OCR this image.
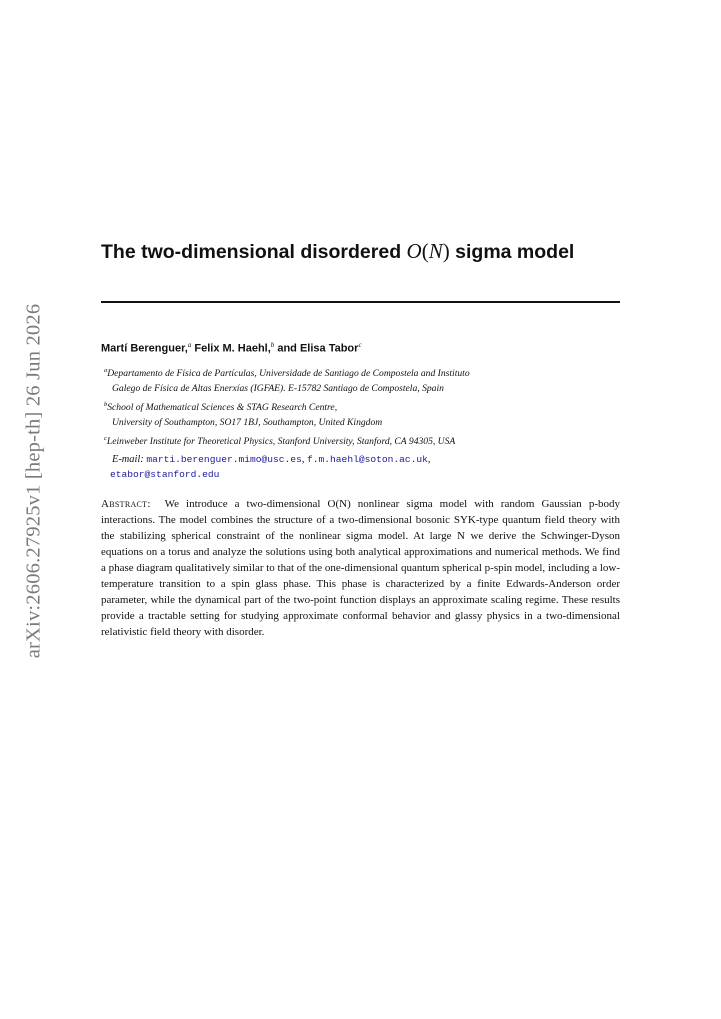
arXiv:2606.27925v1 [hep-th] 26 Jun 2026
The two-dimensional disordered O(N) sigma model
Martí Berenguer,$^a$ Felix M. Haehl,$^b$ and Elisa Tabor$^c$
$^a$Departamento de Física de Partículas, Universidade de Santiago de Compostela and Instituto
Galego de Física de Altas Enerxías (IGFAE). E-15782 Santiago de Compostela, Spain
$^b$School of Mathematical Sciences & STAG Research Centre,
University of Southampton, SO17 1BJ, Southampton, United Kingdom
$^c$Leinweber Institute for Theoretical Physics, Stanford University, Stanford, CA 94305, USA
E-mail: marti.berenguer.mimo@usc.es, f.m.haehl@soton.ac.uk,
etabor@stanford.edu
Abstract: We introduce a two-dimensional O(N) nonlinear sigma model with random Gaussian p-body interactions. The model combines the structure of a two-dimensional bosonic SYK-type quantum field theory with the stabilizing spherical constraint of the nonlinear sigma model. At large N we derive the Schwinger-Dyson equations on a torus and analyze the solutions using both analytical approximations and numerical methods. We find a phase diagram qualitatively similar to that of the one-dimensional quantum spherical p-spin model, including a low-temperature transition to a spin glass phase. This phase is characterized by a finite Edwards-Anderson order parameter, while the dynamical part of the two-point function displays an approximate scaling regime. These results provide a tractable setting for studying approximate conformal behavior and glassy physics in a two-dimensional relativistic field theory with disorder.
